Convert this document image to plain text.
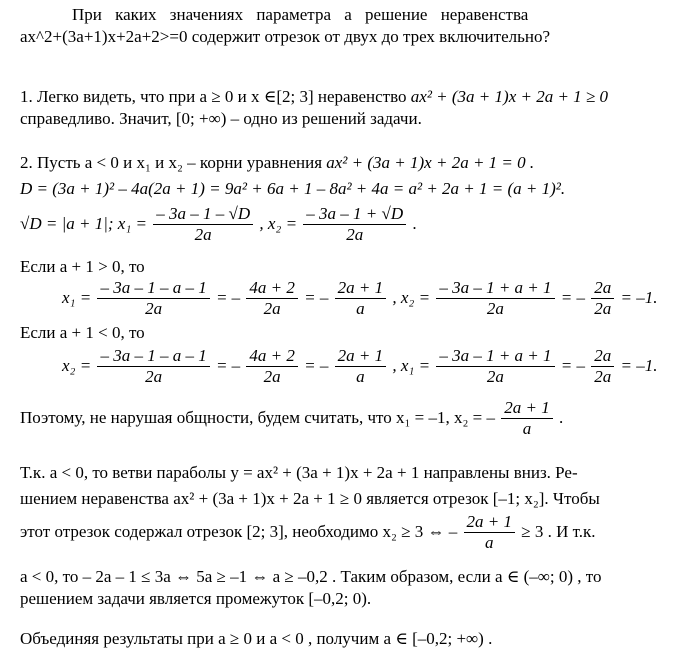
При каких значениях параметра a решение неравенства
ax^2+(3a+1)x+2a+2>=0 содержит отрезок от двух до трех включительно?
1. Легко видеть, что при a ≥ 0 и x ∈[2; 3] неравенство ax² + (3a + 1)x + 2a + 1 ≥ 0
справедливо. Значит, [0; +∞) – одно из решений задачи.
2. Пусть a < 0 и x₁ и x₂ – корни уравнения ax² + (3a + 1)x + 2a + 1 = 0 .
D = (3a + 1)² – 4a(2a + 1) = 9a² + 6a + 1 – 8a² + 4a = a² + 2a + 1 = (a + 1)².
√D = |a + 1|; $x_1 = \frac{- 3a - 1 - √D}{2a}$ , $x_2 = \frac{- 3a - 1 + √D}{2a}$ .
Если a + 1 > 0, то
$x_1 = \frac{- 3a - 1 - a - 1}{2a}$ = – $\frac{4a + 2}{2a}$ = – $\frac{2a + 1}{a}$ , $x_2 = \frac{- 3a - 1 + a + 1}{2a}$ = – $\frac{2a}{2a} = -1$.
Если a + 1 < 0, то
$x_2 = \frac{- 3a - 1 - a - 1}{2a}$ = – $\frac{4a + 2}{2a}$ = – $\frac{2a + 1}{a}$ , $x_1 = \frac{- 3a - 1 + a + 1}{2a}$ = – $\frac{2a}{2a} = -1$.
Поэтому, не нарушая общности, будем считать, что x₁ = –1, x₂ = – $\frac{2a + 1}{a}$ .
Т.к. a < 0, то ветви параболы y = ax² + (3a + 1)x + 2a + 1 направлены вниз. Ре-
шением неравенства ax² + (3a + 1)x + 2a + 1 ≥ 0 является отрезок [–1; x₂]. Чтобы
этот отрезок содержал отрезок [2; 3], необходимо x₂ ≥ 3 ⇔ – $\frac{2a + 1}{a} \ge 3$ . И т.к.
a < 0, то – 2a – 1 ≤ 3a ⇔ 5a ≥ –1 ⇔ a ≥ –0,2 . Таким образом, если a ∈ (–∞; 0) , то
решением задачи является промежуток [–0,2; 0).
Объединяя результаты при a ≥ 0 и a < 0 , получим a ∈ [–0,2; +∞) .
